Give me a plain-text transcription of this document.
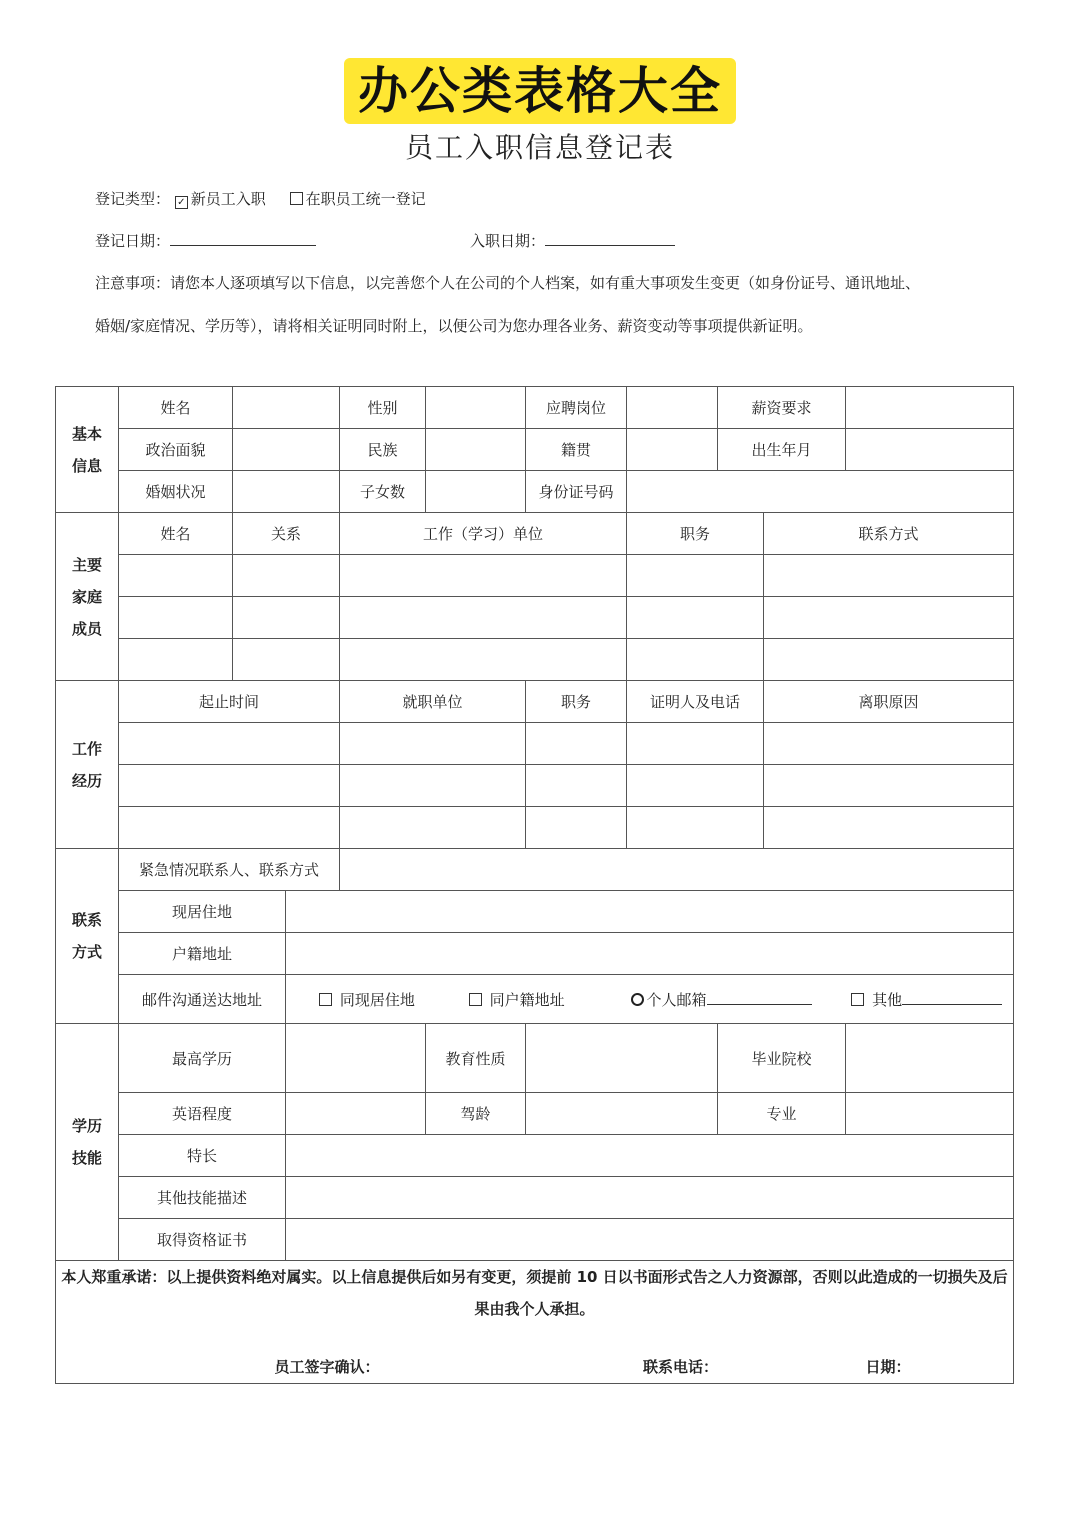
办公类表格大全
员工入职信息登记表
登记类型： ✓ 新员工入职	在职员工统一登记
登记日期：	入职日期：
注意事项：请您本人逐项填写以下信息，以完善您个人在公司的个人档案，如有重大事项发生变更（如身份证号、通讯地址、
婚姻/家庭情况、学历等），请将相关证明同时附上，以便公司为您办理各业务、薪资变动等事项提供新证明。
基本
信息	姓名			性别		应聘岗位		薪资要求		
	政治面貌			民族		籍贯		出生年月		
	婚姻状况			子女数		身份证号码				
主要
家庭
成员	姓名	关系		工作（学习）单位			职务		联系方式	

工作
经历	起止时间			就职单位		职务	证明人及电话		离职原因	

联系
方式	紧急情况联系人、联系方式									
	现居住地									
	户籍地址									
	邮件沟通送达地址		同现居住地 同户籍地址 个人邮箱 其他							
学历
技能	最高学历				教育性质			毕业院校		
	英语程度				驾龄			专业		
	特长									
	其他技能描述									
	取得资格证书									

本人郑重承诺：以上提供资料绝对属实。以上信息提供后如另有变更，须提前 10 日以书面形式告之人力资源部，否则以此造成的一切损失及后果由我个人承担。
员工签字确认： 联系电话： 日期：										
